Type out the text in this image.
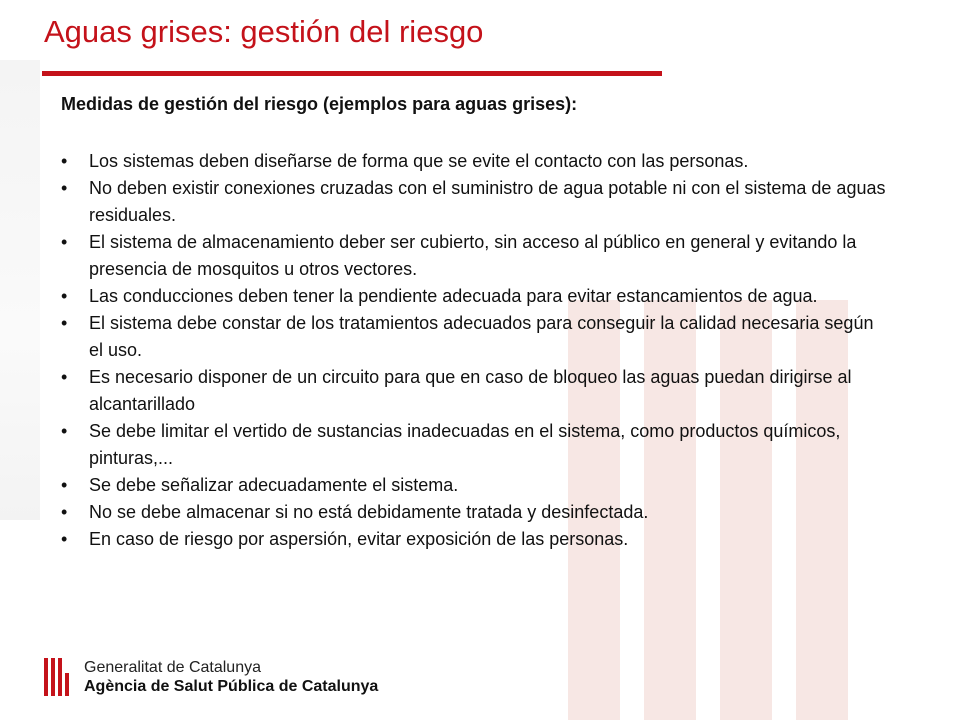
Aguas grises: gestión del riesgo
Medidas de gestión del riesgo (ejemplos para aguas grises):
• Los sistemas deben diseñarse de forma que se evite el contacto con las personas.
• No deben existir conexiones cruzadas con el suministro de agua potable ni con el sistema de aguas residuales.
• El sistema de almacenamiento deber ser cubierto, sin acceso al público en general y evitando la presencia de mosquitos u otros vectores.
• Las conducciones deben tener la pendiente adecuada para evitar estancamientos de agua.
• El sistema debe constar de los tratamientos adecuados para conseguir la calidad necesaria según el uso.
• Es necesario disponer de un circuito para que en caso de bloqueo las aguas puedan dirigirse al alcantarillado
• Se debe limitar el vertido de sustancias inadecuadas en el sistema, como productos químicos, pinturas,...
• Se debe señalizar adecuadamente el sistema.
• No se debe almacenar si no está debidamente tratada y desinfectada.
• En caso de riesgo por aspersión, evitar exposición de las personas.
Generalitat de Catalunya
Agència de Salut Pública de Catalunya
